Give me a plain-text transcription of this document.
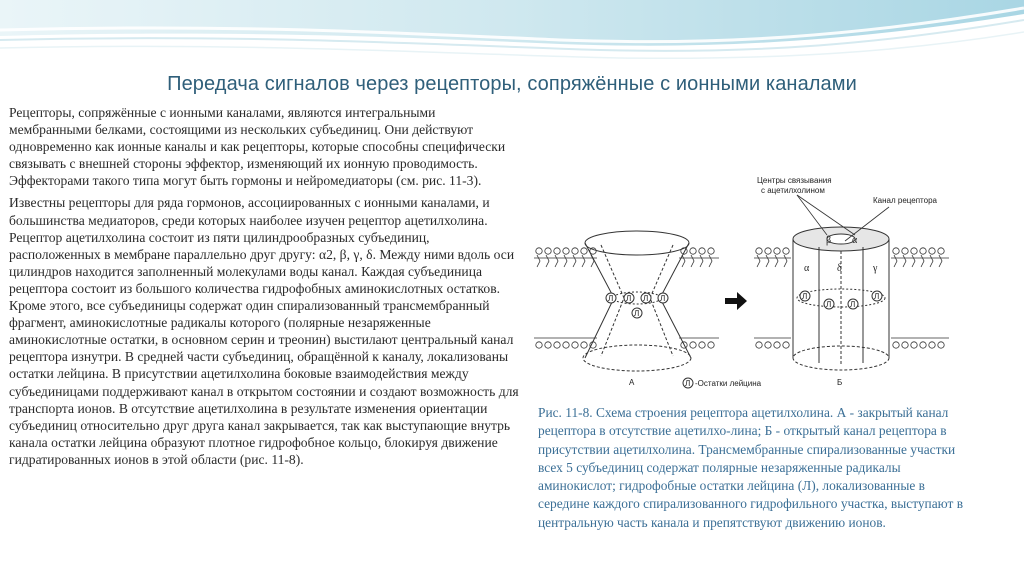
Передача сигналов через рецепторы, сопряжённые с ионными каналами

Рецепторы, сопряжённые с ионными каналами, являются интегральными мембранными белками, состоящими из нескольких субъединиц. Они действуют одновременно как ионные каналы и как рецепторы, которые способны специфически связывать с внешней стороны эффектор, изменяющий их ионную проводимость. Эффекторами такого типа могут быть гормоны и нейромедиаторы (см. рис. 11-3).

Известны рецепторы для ряда гормонов, ассоциированных с ионными каналами, и большинства медиаторов, среди которых наиболее изучен рецептор ацетилхолина. Рецептор ацетилхолина состоит из пяти цилиндрообразных субъединиц, расположенных в мембране параллельно друг другу: α2, β, γ, δ. Между ними вдоль оси цилиндров находится заполненный молекулами воды канал. Каждая субъединица рецептора состоит из большого количества гидрофобных аминокислотных остатков. Кроме этого, все субъединицы содержат один спирализованный трансмембранный фрагмент, аминокислотные радикалы которого (полярные незаряженные аминокислотные остатки, в основном серин и треонин) выстилают центральный канал рецептора изнутри. В средней части субъединиц, обращённой к каналу, локализованы остатки лейцина. В присутствии ацетилхолина боковые взаимодействия между субъединицами поддерживают канал в открытом состоянии и создают возможность для транспорта ионов. В отсутствие ацетилхолина в результате изменения ориентации субъединиц относительно друг друга канал закрывается, так как выступающие внутрь канала остатки лейцина образуют плотное гидрофобное кольцо, блокируя движение гидратированных ионов в этой области (рис. 11-8).

Л Л Л Л
Л
Л
Л Л
Л
α
β α
δ	γ
Центры связывания
с ацетилхолином
Канал рецептора
А	Б
Л -Остатки лейцина
Рис. 11-8. Схема строения рецептора ацетилхолина. А - закрытый канал рецептора в отсутствие ацетилхо-лина; Б - открытый канал рецептора в присутствии ацетилхолина. Трансмембранные спирализованные участки всех 5 субъединиц содержат полярные незаряженные радикалы аминокислот; гидрофобные остатки лейцина (Л), локализованные в середине каждого спирализованного гидрофильного участка, выступают в центральную часть канала и препятствуют движению ионов.
